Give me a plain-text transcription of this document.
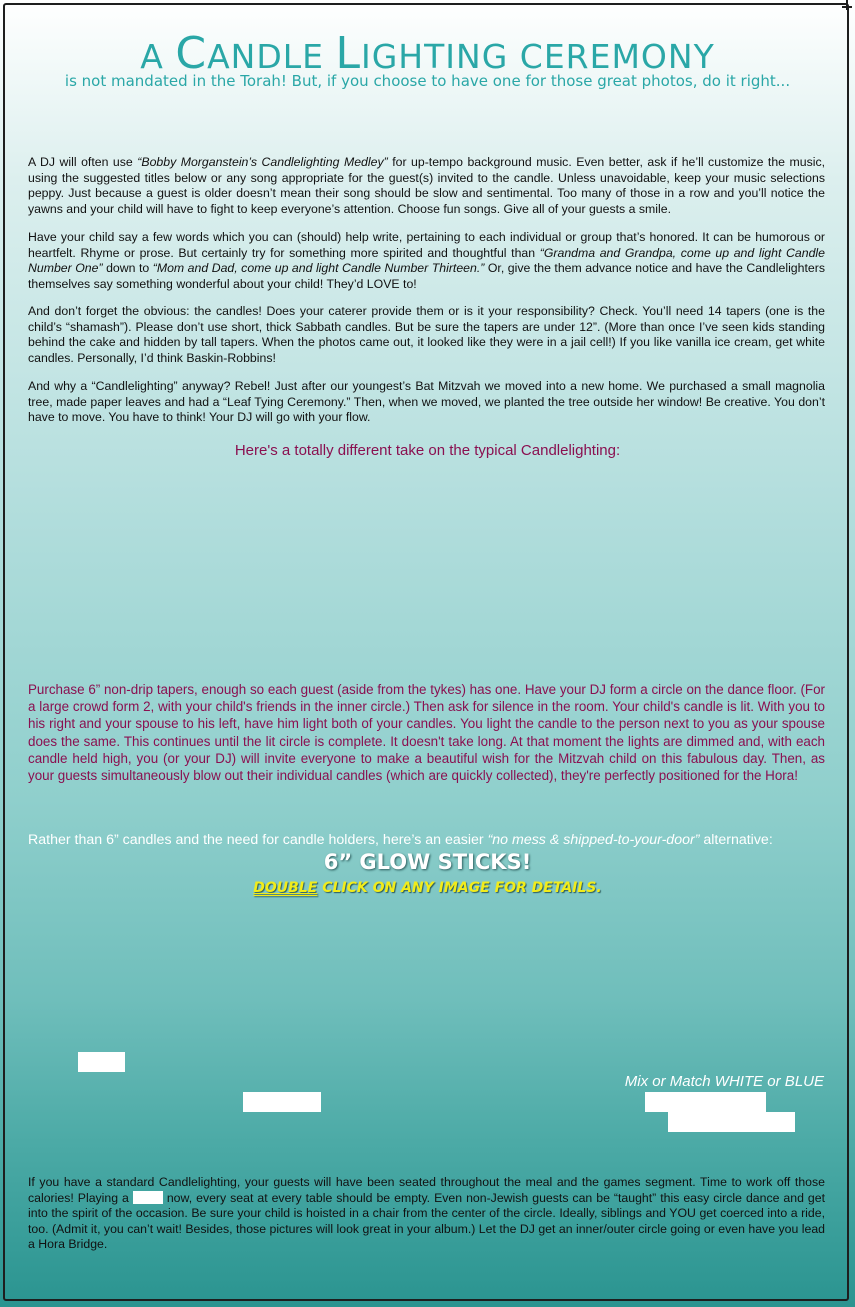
A CANDLE LIGHTING CEREMONY
is not mandated in the Torah! But, if you choose to have one for those great photos, do it right...

A DJ will often use “Bobby Morganstein’s Candlelighting Medley” for up-tempo background music. Even better, ask if he’ll customize the music, using the suggested titles below or any song appropriate for the guest(s) invited to the candle. Unless unavoidable, keep your music selections peppy. Just because a guest is older doesn’t mean their song should be slow and sentimental. Too many of those in a row and you’ll notice the yawns and your child will have to fight to keep everyone’s attention. Choose fun songs. Give all of your guests a smile.

Have your child say a few words which you can (should) help write, pertaining to each individual or group that’s honored. It can be humorous or heartfelt. Rhyme or prose. But certainly try for something more spirited and thoughtful than “Grandma and Grandpa, come up and light Candle Number One” down to “Mom and Dad, come up and light Candle Number Thirteen.” Or, give the them advance notice and have the Candlelighters themselves say something wonderful about your child! They’d LOVE to!

And don’t forget the obvious: the candles! Does your caterer provide them or is it your responsibility? Check. You’ll need 14 tapers (one is the child’s “shamash”). Please don’t use short, thick Sabbath candles. But be sure the tapers are under 12”. (More than once I’ve seen kids standing behind the cake and hidden by tall tapers. When the photos came out, it looked like they were in a jail cell!) If you like vanilla ice cream, get white candles. Personally, I’d think Baskin-Robbins!

And why a “Candlelighting” anyway? Rebel! Just after our youngest’s Bat Mitzvah we moved into a new home. We purchased a small magnolia tree, made paper leaves and had a “Leaf Tying Ceremony.” Then, when we moved, we planted the tree outside her window! Be creative. You don’t have to move. You have to think! Your DJ will go with your flow.

Here's a totally different take on the typical Candlelighting:

Purchase 6” non-drip tapers, enough so each guest (aside from the tykes) has one. Have your DJ form a circle on the dance floor. (For a large crowd form 2, with your child's friends in the inner circle.) Then ask for silence in the room. Your child's candle is lit. With you to his right and your spouse to his left, have him light both of your candles. You light the candle to the person next to you as your spouse does the same. This continues until the lit circle is complete. It doesn't take long. At that moment the lights are dimmed and, with each candle held high, you (or your DJ) will invite everyone to make a beautiful wish for the Mitzvah child on this fabulous day. Then, as your guests simultaneously blow out their individual candles (which are quickly collected), they're perfectly positioned for the Hora!

Rather than 6” candles and the need for candle holders, here’s an easier “no mess & shipped-to-your-door” alternative:
6” GLOW STICKS!
DOUBLE CLICK ON ANY IMAGE FOR DETAILS.
Mix or Match WHITE or BLUE

If you have a standard Candlelighting, your guests will have been seated throughout the meal and the games segment. Time to work off those calories! Playing a  now, every seat at every table should be empty. Even non-Jewish guests can be “taught” this easy circle dance and get into the spirit of the occasion. Be sure your child is hoisted in a chair from the center of the circle. Ideally, siblings and YOU get coerced into a ride, too. (Admit it, you can’t wait! Besides, those pictures will look great in your album.) Let the DJ get an inner/outer circle going or even have you lead a Hora Bridge.
